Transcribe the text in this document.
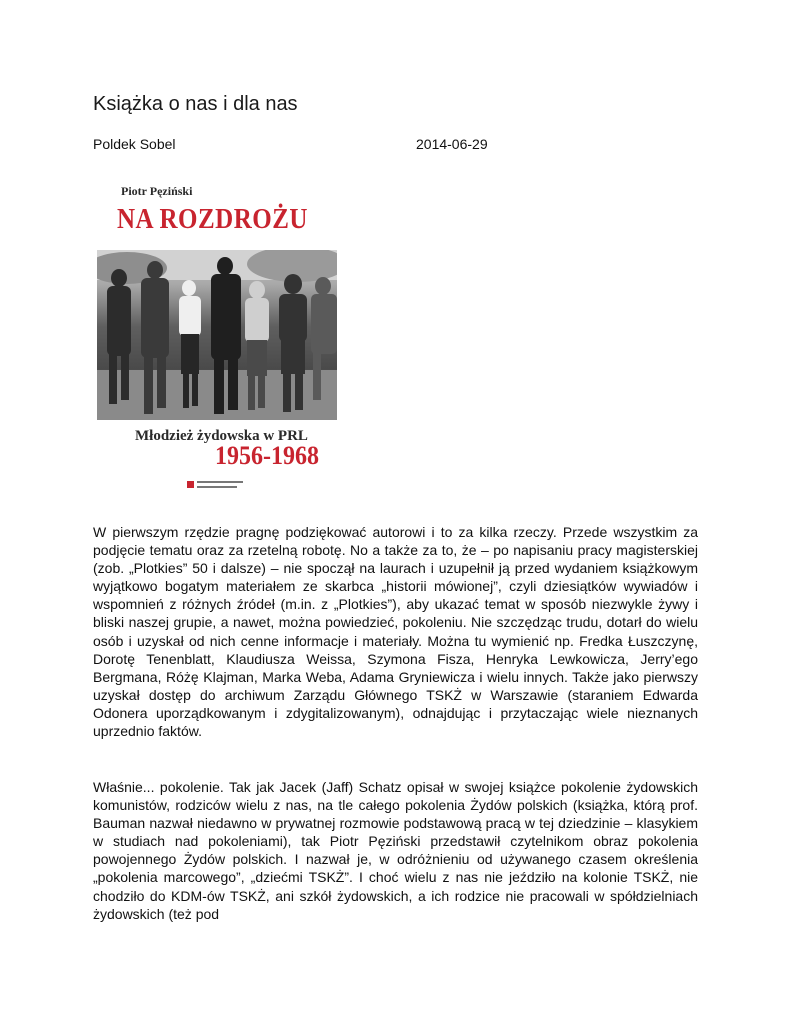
Książka o nas i dla nas
Poldek Sobel	2014-06-29
Piotr Pęziński
NA ROZDROŻU
Młodzież żydowska w PRL
1956-1968

W pierwszym rzędzie pragnę podziękować autorowi i to za kilka rzeczy. Przede wszystkim za podjęcie tematu oraz za rzetelną robotę. No a także za to, że – po napisaniu pracy magisterskiej (zob. „Plotkies” 50 i dalsze) – nie spoczął na laurach i uzupełnił ją przed wydaniem książkowym wyjątkowo bogatym materiałem ze skarbca „historii mówionej”, czyli dziesiątków wywiadów i wspomnień z różnych źródeł (m.in. z „Plotkies”), aby ukazać temat w sposób niezwykle żywy i bliski naszej grupie, a nawet, można powiedzieć, pokoleniu. Nie szczędząc trudu, dotarł do wielu osób i uzyskał od nich cenne informacje i materiały. Można tu wymienić np. Fredka Łuszczynę, Dorotę Tenenblatt, Klaudiusza Weissa, Szymona Fisza, Henryka Lewkowicza, Jerry’ego Bergmana, Różę Klajman, Marka Weba, Adama Gryniewicza i wielu innych. Także jako pierwszy uzyskał dostęp do archiwum Zarządu Głównego TSKŻ w Warszawie (staraniem Edwarda Odonera uporządkowanym i zdygitalizowanym), odnajdując i przytaczając wiele nieznanych uprzednio faktów.

Właśnie... pokolenie. Tak jak Jacek (Jaff) Schatz opisał w swojej książce pokolenie żydowskich komunistów, rodziców wielu z nas, na tle całego pokolenia Żydów polskich (książka, którą prof. Bauman nazwał niedawno w prywatnej rozmowie podstawową pracą w tej dziedzinie – klasykiem w studiach nad pokoleniami), tak Piotr Pęziński przedstawił czytelnikom obraz pokolenia powojennego Żydów polskich. I nazwał je, w odróżnieniu od używanego czasem określenia „pokolenia marcowego”, „dziećmi TSKŻ”. I choć wielu z nas nie jeździło na kolonie TSKŻ, nie chodziło do KDM-ów TSKŻ, ani szkół żydowskich, a ich rodzice nie pracowali w spółdzielniach żydowskich (też pod
